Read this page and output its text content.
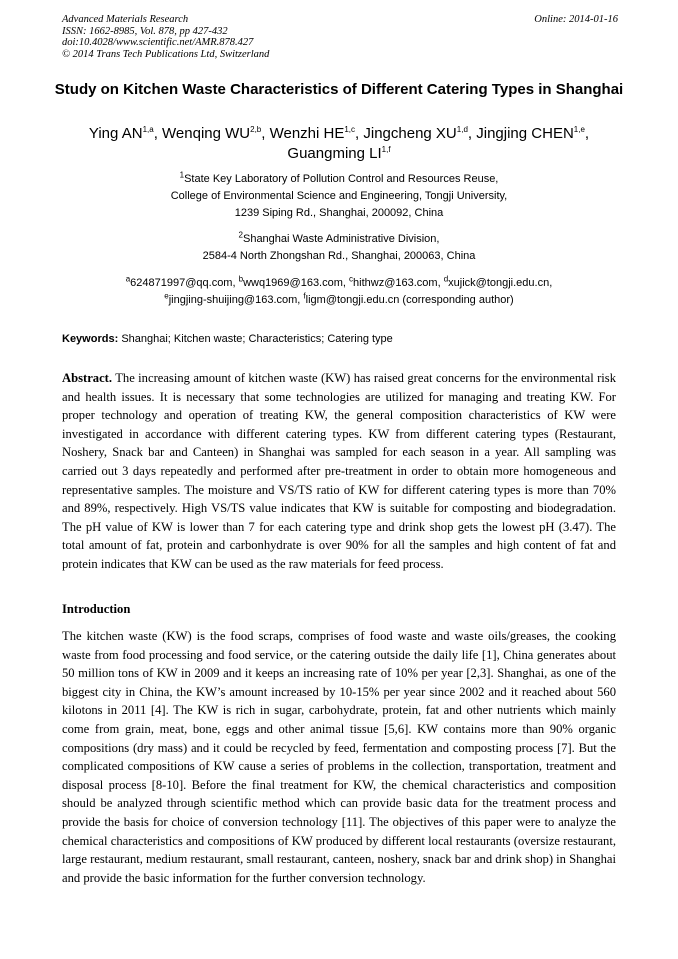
Advanced Materials Research
ISSN: 1662-8985, Vol. 878, pp 427-432
doi:10.4028/www.scientific.net/AMR.878.427
© 2014 Trans Tech Publications Ltd, Switzerland
Online: 2014-01-16
Study on Kitchen Waste Characteristics of Different Catering Types in Shanghai
Ying AN$^{1,a}$, Wenqing WU$^{2,b}$, Wenzhi HE$^{1,c}$, Jingcheng XU$^{1,d}$, Jingjing CHEN$^{1,e}$,
Guangming LI$^{1,f}$
$^1$State Key Laboratory of Pollution Control and Resources Reuse,
College of Environmental Science and Engineering, Tongji University,
1239 Siping Rd., Shanghai, 200092, China
$^2$Shanghai Waste Administrative Division,
2584-4 North Zhongshan Rd., Shanghai, 200063, China
$^a$624871997@qq.com, $^b$wwq1969@163.com, $^c$hithwz@163.com, $^d$xujick@tongji.edu.cn,
$^e$jingjing-shuijing@163.com, $^f$ligm@tongji.edu.cn (corresponding author)
Keywords: Shanghai; Kitchen waste; Characteristics; Catering type
Abstract. The increasing amount of kitchen waste (KW) has raised great concerns for the environmental risk and health issues. It is necessary that some technologies are utilized for managing and treating KW. For proper technology and operation of treating KW, the general composition characteristics of KW were investigated in accordance with different catering types. KW from different catering types (Restaurant, Noshery, Snack bar and Canteen) in Shanghai was sampled for each season in a year. All sampling was carried out 3 days repeatedly and performed after pre-treatment in order to obtain more homogeneous and representative samples. The moisture and VS/TS ratio of KW for different catering types is more than 70% and 89%, respectively. High VS/TS value indicates that KW is suitable for composting and biodegradation. The pH value of KW is lower than 7 for each catering type and drink shop gets the lowest pH (3.47). The total amount of fat, protein and carbonhydrate is over 90% for all the samples and high content of fat and protein indicates that KW can be used as the raw materials for feed process.
Introduction
The kitchen waste (KW) is the food scraps, comprises of food waste and waste oils/greases, the cooking waste from food processing and food service, or the catering outside the daily life [1], China generates about 50 million tons of KW in 2009 and it keeps an increasing rate of 10% per year [2,3]. Shanghai, as one of the biggest city in China, the KW’s amount increased by 10-15% per year since 2002 and it reached about 560 kilotons in 2011 [4]. The KW is rich in sugar, carbohydrate, protein, fat and other nutrients which mainly come from grain, meat, bone, eggs and other animal tissue [5,6]. KW contains more than 90% organic compositions (dry mass) and it could be recycled by feed, fermentation and composting process [7]. But the complicated compositions of KW cause a series of problems in the collection, transportation, treatment and disposal process [8-10]. Before the final treatment for KW, the chemical characteristics and composition should be analyzed through scientific method which can provide basic data for the treatment process and provide the basis for choice of conversion technology [11]. The objectives of this paper were to analyze the chemical characteristics and compositions of KW produced by different local restaurants (oversize restaurant, large restaurant, medium restaurant, small restaurant, canteen, noshery, snack bar and drink shop) in Shanghai and provide the basic information for the further conversion technology.
